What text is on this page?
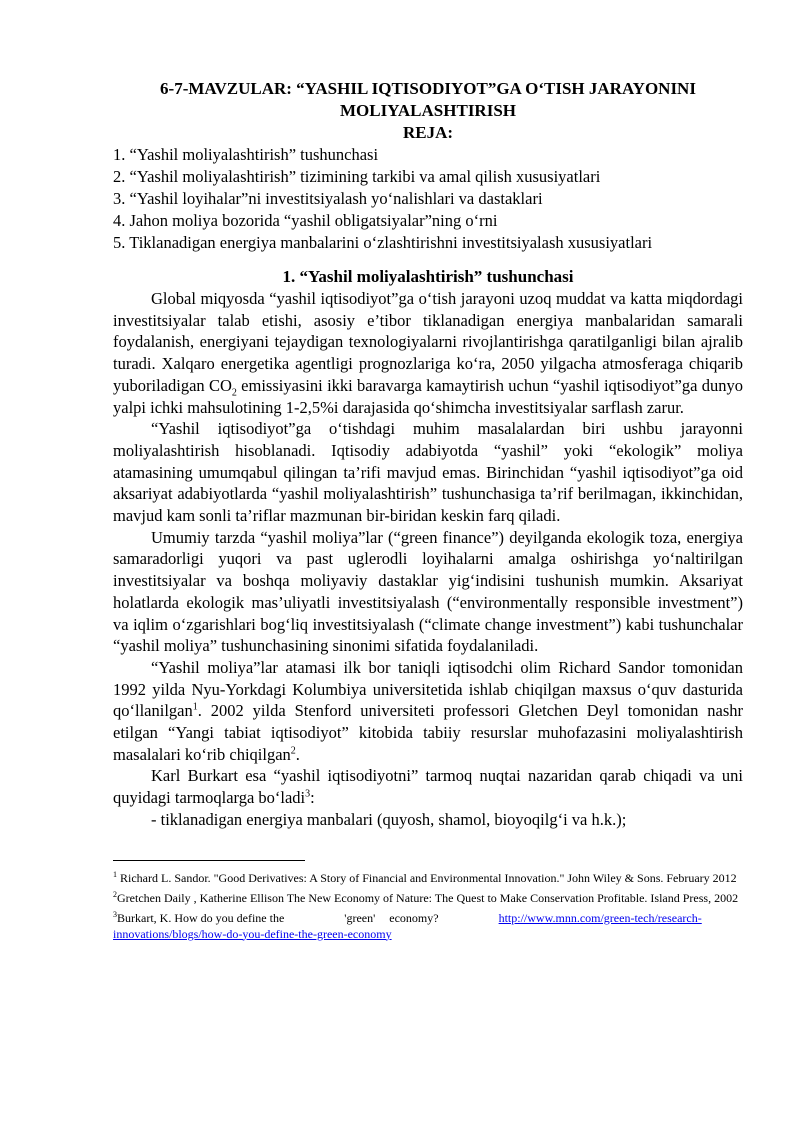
6-7-MAVZULAR: “YASHIL IQTISODIYOT”GA O‘TISH JARAYONINI
MOLIYALASHTIRISH
REJA:

1. “Yashil moliyalashtirish” tushunchasi
2. “Yashil moliyalashtirish” tizimining tarkibi va amal qilish xususiyatlari
3. “Yashil loyihalar”ni investitsiyalash yo‘nalishlari va dastaklari
4. Jahon moliya bozorida “yashil obligatsiyalar”ning o‘rni
5. Tiklanadigan energiya manbalarini o‘zlashtirishni investitsiyalash xususiyatlari

1. “Yashil moliyalashtirish” tushunchasi

Global miqyosda “yashil iqtisodiyot”ga o‘tish jarayoni uzoq muddat va katta miqdordagi investitsiyalar talab etishi, asosiy e’tibor tiklanadigan energiya manbalaridan samarali foydalanish, energiyani tejaydigan texnologiyalarni rivojlantirishga qaratilganligi bilan ajralib turadi. Xalqaro energetika agentligi prognozlariga ko‘ra, 2050 yilgacha atmosferaga chiqarib yuboriladigan $CO_2$ emissiyasini ikki baravarga kamaytirish uchun “yashil iqtisodiyot”ga dunyo yalpi ichki mahsulotining 1-2,5%i darajasida qo‘shimcha investitsiyalar sarflash zarur.

“Yashil iqtisodiyot”ga o‘tishdagi muhim masalalardan biri ushbu jarayonni moliyalashtirish hisoblanadi. Iqtisodiy adabiyotda “yashil” yoki “ekologik” moliya atamasining umumqabul qilingan ta’rifi mavjud emas. Birinchidan “yashil iqtisodiyot”ga oid aksariyat adabiyotlarda “yashil moliyalashtirish” tushunchasiga ta’rif berilmagan, ikkinchidan, mavjud kam sonli ta’riflar mazmunan bir-biridan keskin farq qiladi.

Umumiy tarzda “yashil moliya”lar (“green finance”) deyilganda ekologik toza, energiya samaradorligi yuqori va past uglerodli loyihalarni amalga oshirishga yo‘naltirilgan investitsiyalar va boshqa moliyaviy dastaklar yig‘indisini tushunish mumkin. Aksariyat holatlarda ekologik mas’uliyatli investitsiyalash (“environmentally responsible investment”) va iqlim o‘zgarishlari bog‘liq investitsiyalash (“climate change investment”) kabi tushunchalar “yashil moliya” tushunchasining sinonimi sifatida foydalaniladi.

“Yashil moliya”lar atamasi ilk bor taniqli iqtisodchi olim Richard Sandor tomonidan 1992 yilda Nyu-Yorkdagi Kolumbiya universitetida ishlab chiqilgan maxsus o‘quv dasturida qo‘llanilgan$^1$. 2002 yilda Stenford universiteti professori Gletchen Deyl tomonidan nashr etilgan “Yangi tabiat iqtisodiyot” kitobida tabiiy resurslar muhofazasini moliyalashtirish masalalari ko‘rib chiqilgan$^2$.

Karl Burkart esa “yashil iqtisodiyotni” tarmoq nuqtai nazaridan qarab chiqadi va uni quyidagi tarmoqlarga bo‘ladi$^3$:

- tiklanadigan energiya manbalari (quyosh, shamol, bioyoqilg‘i va h.k.);

$^1$ Richard L. Sandor. "Good Derivatives: A Story of Financial and Environmental Innovation." John Wiley & Sons. February 2012

$^2$Gretchen Daily , Katherine Ellison The New Economy of Nature: The Quest to Make Conservation Profitable. Island Press, 2002

$^3$Burkart, K. How do you define the	'green' economy?	http://www.mnn.com/green-tech/research-
innovations/blogs/how-do-you-define-the-green-economy
